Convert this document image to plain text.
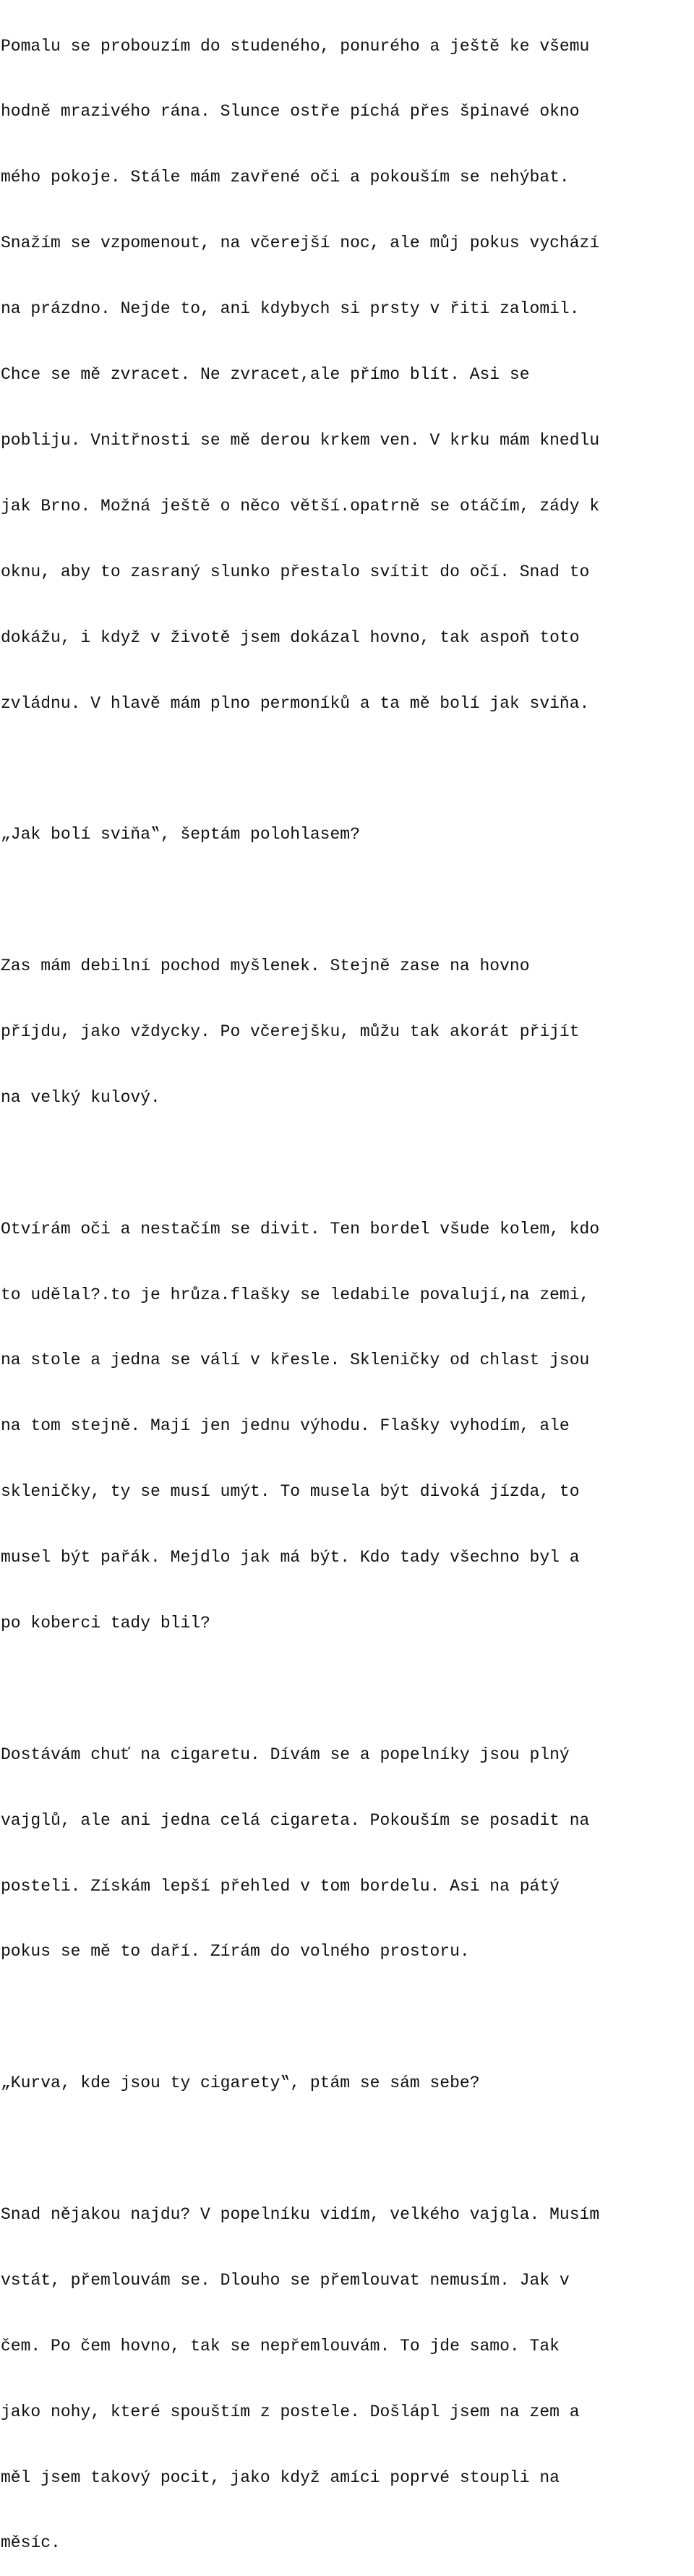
Pomalu se probouzím do studeného, ponurého a ještě ke všemu

hodně mrazivého rána. Slunce ostře píchá přes špinavé okno

mého pokoje. Stále mám zavřené oči a pokouším se nehýbat.

Snažím se vzpomenout, na včerejší noc, ale můj pokus vychází

na prázdno. Nejde to, ani kdybych si prsty v řiti zalomil.

Chce se mě zvracet. Ne zvracet,ale přímo blít. Asi se

pobliju. Vnitřnosti se mě derou krkem ven. V krku mám knedlu

jak Brno. Možná ještě o něco větší.opatrně se otáčím, zády k

oknu, aby to zasraný slunko přestalo svítit do očí. Snad to

dokážu, i když v životě jsem dokázal hovno, tak aspoň toto

zvládnu. V hlavě mám plno permoníků a ta mě bolí jak sviňa.

„Jak bolí sviňa‟, šeptám polohlasem?

Zas mám debilní pochod myšlenek. Stejně zase na hovno

příjdu, jako vždycky. Po včerejšku, můžu tak akorát přijít

na velký kulový.

Otvírám oči a nestačím se divit. Ten bordel všude kolem, kdo

to udělal?.to je hrůza.flašky se ledabile povalují,na zemi,

na stole a jedna se válí v křesle. Skleničky od chlast jsou

na tom stejně. Mají jen jednu výhodu. Flašky vyhodím, ale

skleničky, ty se musí umýt. To musela být divoká jízda, to

musel být pařák. Mejdlo jak má být. Kdo tady všechno byl a

po koberci tady blil?

Dostávám chuť na cigaretu. Dívám se a popelníky jsou plný

vajglů, ale ani jedna celá cigareta. Pokouším se posadit na

posteli. Získám lepší přehled v tom bordelu. Asi na pátý

pokus se mě to daří. Zírám do volného prostoru.

„Kurva, kde jsou ty cigarety‟, ptám se sám sebe?

Snad nějakou najdu? V popelníku vidím, velkého vajgla. Musím

vstát, přemlouvám se. Dlouho se přemlouvat nemusím. Jak v

čem. Po čem hovno, tak se nepřemlouvám. To jde samo. Tak

jako nohy, které spouštím z postele. Došlápl jsem na zem a

měl jsem takový pocit, jako když amíci poprvé stoupli na

měsíc.
